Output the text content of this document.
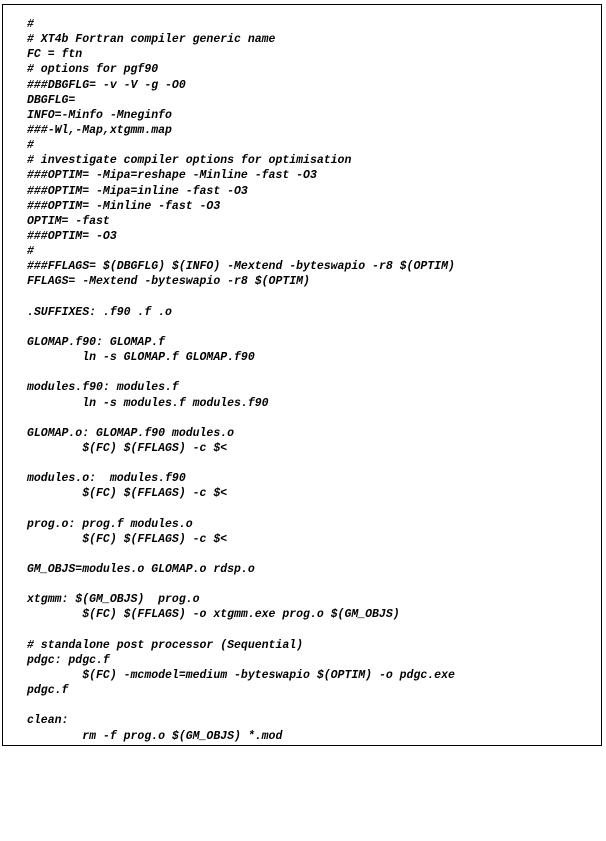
#
# XT4b Fortran compiler generic name
FC = ftn
# options for pgf90
###DBGFLG= -v -V -g -O0
DBGFLG=
INFO=-Minfo -Mneginfo
###-Wl,-Map,xtgmm.map
#
# investigate compiler options for optimisation
###OPTIM= -Mipa=reshape -Minline -fast -O3
###OPTIM= -Mipa=inline -fast -O3
###OPTIM= -Minline -fast -O3
OPTIM= -fast
###OPTIM= -O3
#
###FFLAGS= $(DBGFLG) $(INFO) -Mextend -byteswapio -r8 $(OPTIM)
FFLAGS= -Mextend -byteswapio -r8 $(OPTIM)
.SUFFIXES: .f90 .f .o
GLOMAP.f90: GLOMAP.f
ln -s GLOMAP.f GLOMAP.f90
modules.f90: modules.f
ln -s modules.f modules.f90
GLOMAP.o: GLOMAP.f90 modules.o
$(FC) $(FFLAGS) -c $<
modules.o:  modules.f90
$(FC) $(FFLAGS) -c $<
prog.o: prog.f modules.o
$(FC) $(FFLAGS) -c $<
GM_OBJS=modules.o GLOMAP.o rdsp.o
xtgmm: $(GM_OBJS)  prog.o
$(FC) $(FFLAGS) -o xtgmm.exe prog.o $(GM_OBJS)
# standalone post processor (Sequential)
pdgc: pdgc.f
$(FC) -mcmodel=medium -byteswapio $(OPTIM) -o pdgc.exe
pdgc.f
clean:
rm -f prog.o $(GM_OBJS) *.mod
